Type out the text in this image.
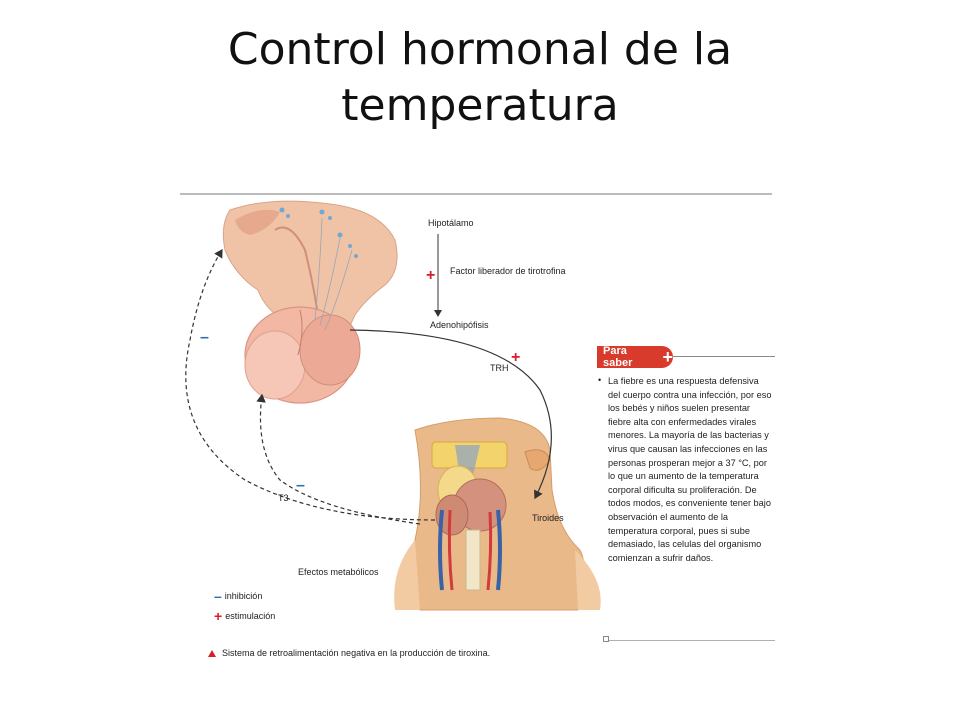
Control hormonal de la temperatura
Hipotálamo
Factor liberador de tirotrofina
Adenohipófisis
TRH
Tiroides
T3
Efectos metabólicos
+
+
–
–
– inhibición
+ estimulación
Sistema de retroalimentación negativa en la producción de tiroxina.
Para saber	+
• La fiebre es una respuesta defensiva del cuerpo contra una infección, por eso los bebés y niños suelen presentar fiebre alta con enfermedades virales menores. La mayoría de las bacterias y virus que causan las infecciones en las personas prosperan mejor a 37 °C, por lo que un aumento de la temperatura corporal dificulta su proliferación. De todos modos, es conveniente tener bajo observación el aumento de la temperatura corporal, pues si sube demasiado, las celulas del organismo comienzan a sufrir daños.
